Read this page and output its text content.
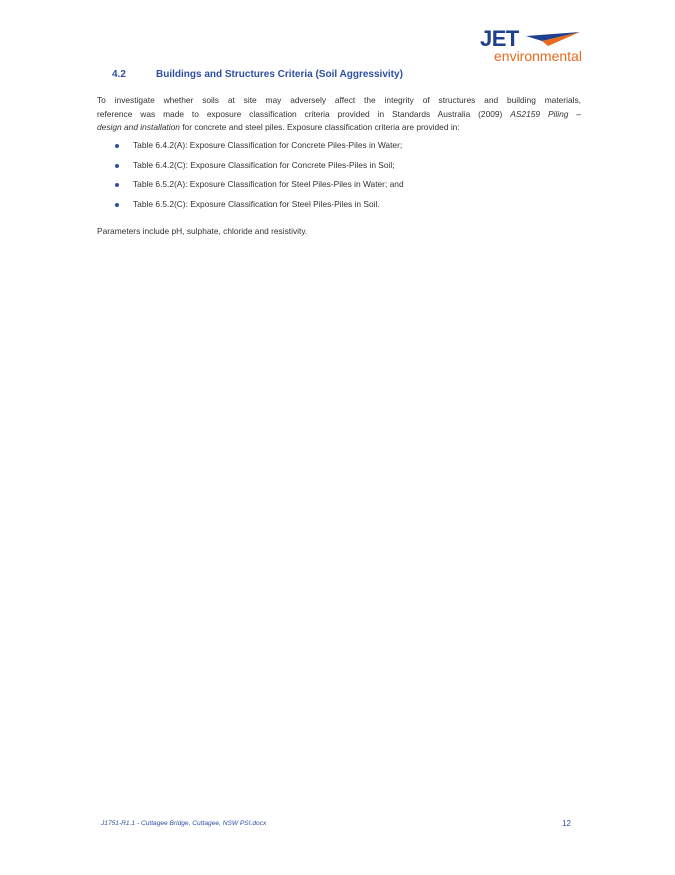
JET
environmental
4.2	Buildings and Structures Criteria (Soil Aggressivity)
To investigate whether soils at site may adversely affect the integrity of structures and building materials,
reference was made to exposure classification criteria provided in Standards Australia (2009) AS2159 Piling –
design and installation for concrete and steel piles. Exposure classification criteria are provided in:
Table 6.4.2(A): Exposure Classification for Concrete Piles-Piles in Water;
Table 6.4.2(C): Exposure Classification for Concrete Piles-Piles in Soil;
Table 6.5.2(A): Exposure Classification for Steel Piles-Piles in Water; and
Table 6.5.2(C): Exposure Classification for Steel Piles-Piles in Soil.
Parameters include pH, sulphate, chloride and resistivity.
J1751-R1.1 - Cuttagee Bridge, Cuttagee, NSW PSI.docx	12
